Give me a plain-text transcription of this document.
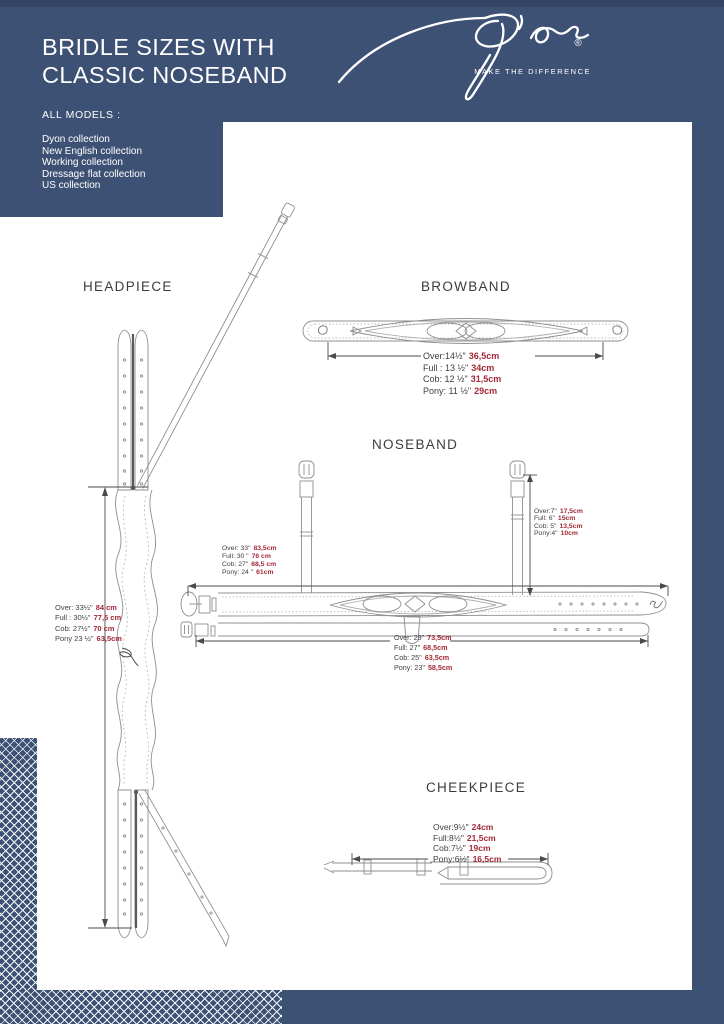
BRIDLE SIZES WITH
CLASSIC NOSEBAND
®
MAKE THE DIFFERENCE
ALL MODELS :
Dyon collection
New English collection
Working collection
Dressage flat collection
US collection
HEADPIECE	BROWBAND
NOSEBAND
CHEEKPIECE
Over: 33½" 84 cm
Full : 30½" 77,5 cm
Cob: 27½" 70 cm
Pony 23 ½" 63,5cm
Over:14½" 36,5cm
Full : 13 ½" 34cm
Cob: 12 ½" 31,5cm
Pony: 11 ½" 29cm
Over: 33" 83,5cm
Full: 30 " 76 cm
Cob: 27" 68,5 cm
Pony: 24 " 61cm
Over:7" 17,5cm
Full: 6" 15cm
Cob: 5" 13,5cm
Pony:4" 10cm
Over: 29" 73,5cm
Full: 27" 68,5cm
Cob: 25" 63,5cm
Pony: 23" 58,5cm
Over:9½" 24cm
Full:8½" 21,5cm
Cob:7½" 19cm
Pony:6½" 16,5cm
